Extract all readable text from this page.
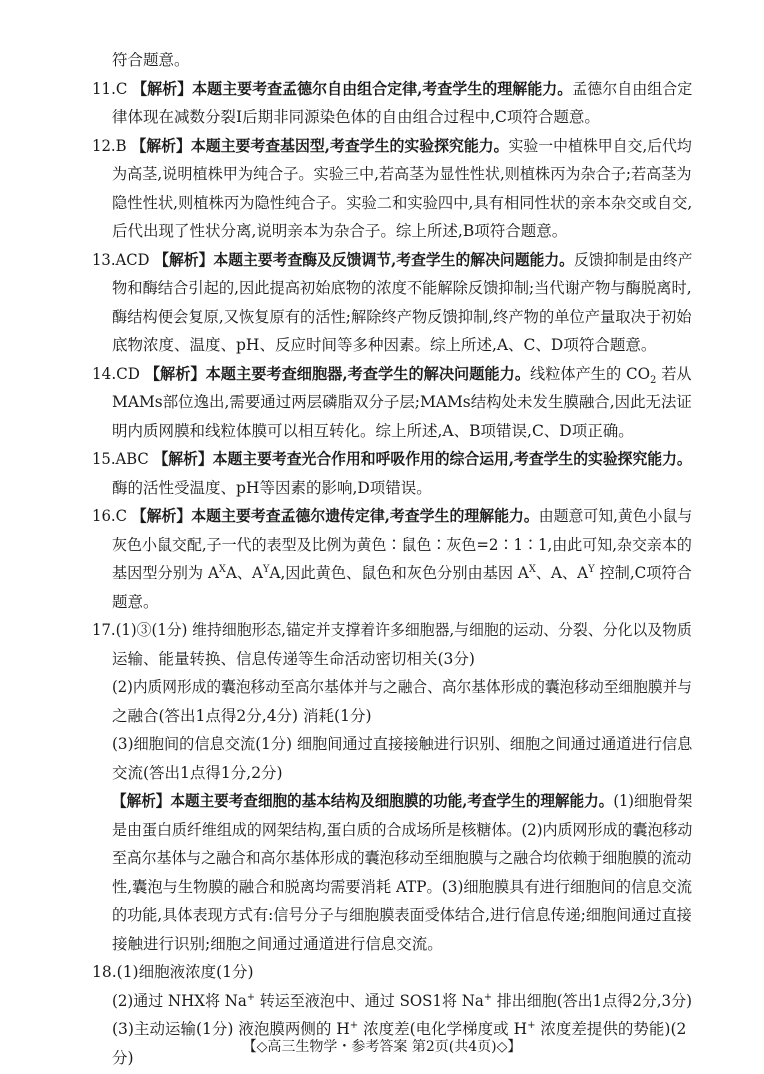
符合题意。
11.C 【解析】本题主要考查孟德尔自由组合定律,考查学生的理解能力。孟德尔自由组合定
律体现在减数分裂Ⅰ后期非同源染色体的自由组合过程中,C项符合题意。
12.B 【解析】本题主要考查基因型,考查学生的实验探究能力。实验一中植株甲自交,后代均
为高茎,说明植株甲为纯合子。实验三中,若高茎为显性性状,则植株丙为杂合子;若高茎为
隐性性状,则植株丙为隐性纯合子。实验二和实验四中,具有相同性状的亲本杂交或自交,
后代出现了性状分离,说明亲本为杂合子。综上所述,B项符合题意。
13.ACD 【解析】本题主要考查酶及反馈调节,考查学生的解决问题能力。反馈抑制是由终产
物和酶结合引起的,因此提高初始底物的浓度不能解除反馈抑制;当代谢产物与酶脱离时,
酶结构便会复原,又恢复原有的活性;解除终产物反馈抑制,终产物的单位产量取决于初始
底物浓度、温度、pH、反应时间等多种因素。综上所述,A、C、D项符合题意。
14.CD 【解析】本题主要考查细胞器,考查学生的解决问题能力。线粒体产生的 $CO_2$ 若从
MAMs部位逸出,需要通过两层磷脂双分子层;MAMs结构处未发生膜融合,因此无法证
明内质网膜和线粒体膜可以相互转化。综上所述,A、B项错误,C、D项正确。
15.ABC 【解析】本题主要考查光合作用和呼吸作用的综合运用,考查学生的实验探究能力。
酶的活性受温度、pH等因素的影响,D项错误。
16.C 【解析】本题主要考查孟德尔遗传定律,考查学生的理解能力。由题意可知,黄色小鼠与
灰色小鼠交配,子一代的表型及比例为黄色∶鼠色∶灰色=2∶1∶1,由此可知,杂交亲本的
基因型分别为 $A^XA$、$A^YA$,因此黄色、鼠色和灰色分别由基因 $A^X$、A、$A^Y$ 控制,C项符合
题意。
17.(1)③(1分) 维持细胞形态,锚定并支撑着许多细胞器,与细胞的运动、分裂、分化以及物质
运输、能量转换、信息传递等生命活动密切相关(3分)
(2)内质网形成的囊泡移动至高尔基体并与之融合、高尔基体形成的囊泡移动至细胞膜并与
之融合(答出1点得2分,4分) 消耗(1分)
(3)细胞间的信息交流(1分) 细胞间通过直接接触进行识别、细胞之间通过通道进行信息
交流(答出1点得1分,2分)
【解析】本题主要考查细胞的基本结构及细胞膜的功能,考查学生的理解能力。(1)细胞骨架
是由蛋白质纤维组成的网架结构,蛋白质的合成场所是核糖体。(2)内质网形成的囊泡移动
至高尔基体与之融合和高尔基体形成的囊泡移动至细胞膜与之融合均依赖于细胞膜的流动
性,囊泡与生物膜的融合和脱离均需要消耗 ATP。(3)细胞膜具有进行细胞间的信息交流
的功能,具体表现方式有:信号分子与细胞膜表面受体结合,进行信息传递;细胞间通过直接
接触进行识别;细胞之间通过通道进行信息交流。
18.(1)细胞液浓度(1分)
(2)通过 NHX将 Na+ 转运至液泡中、通过 SOS1将 Na+ 排出细胞(答出1点得2分,3分)
(3)主动运输(1分) 液泡膜两侧的 H+ 浓度差(电化学梯度或 H+ 浓度差提供的势能)(2
分)
【◇高三生物学・参考答案 第2页(共4页)◇】
